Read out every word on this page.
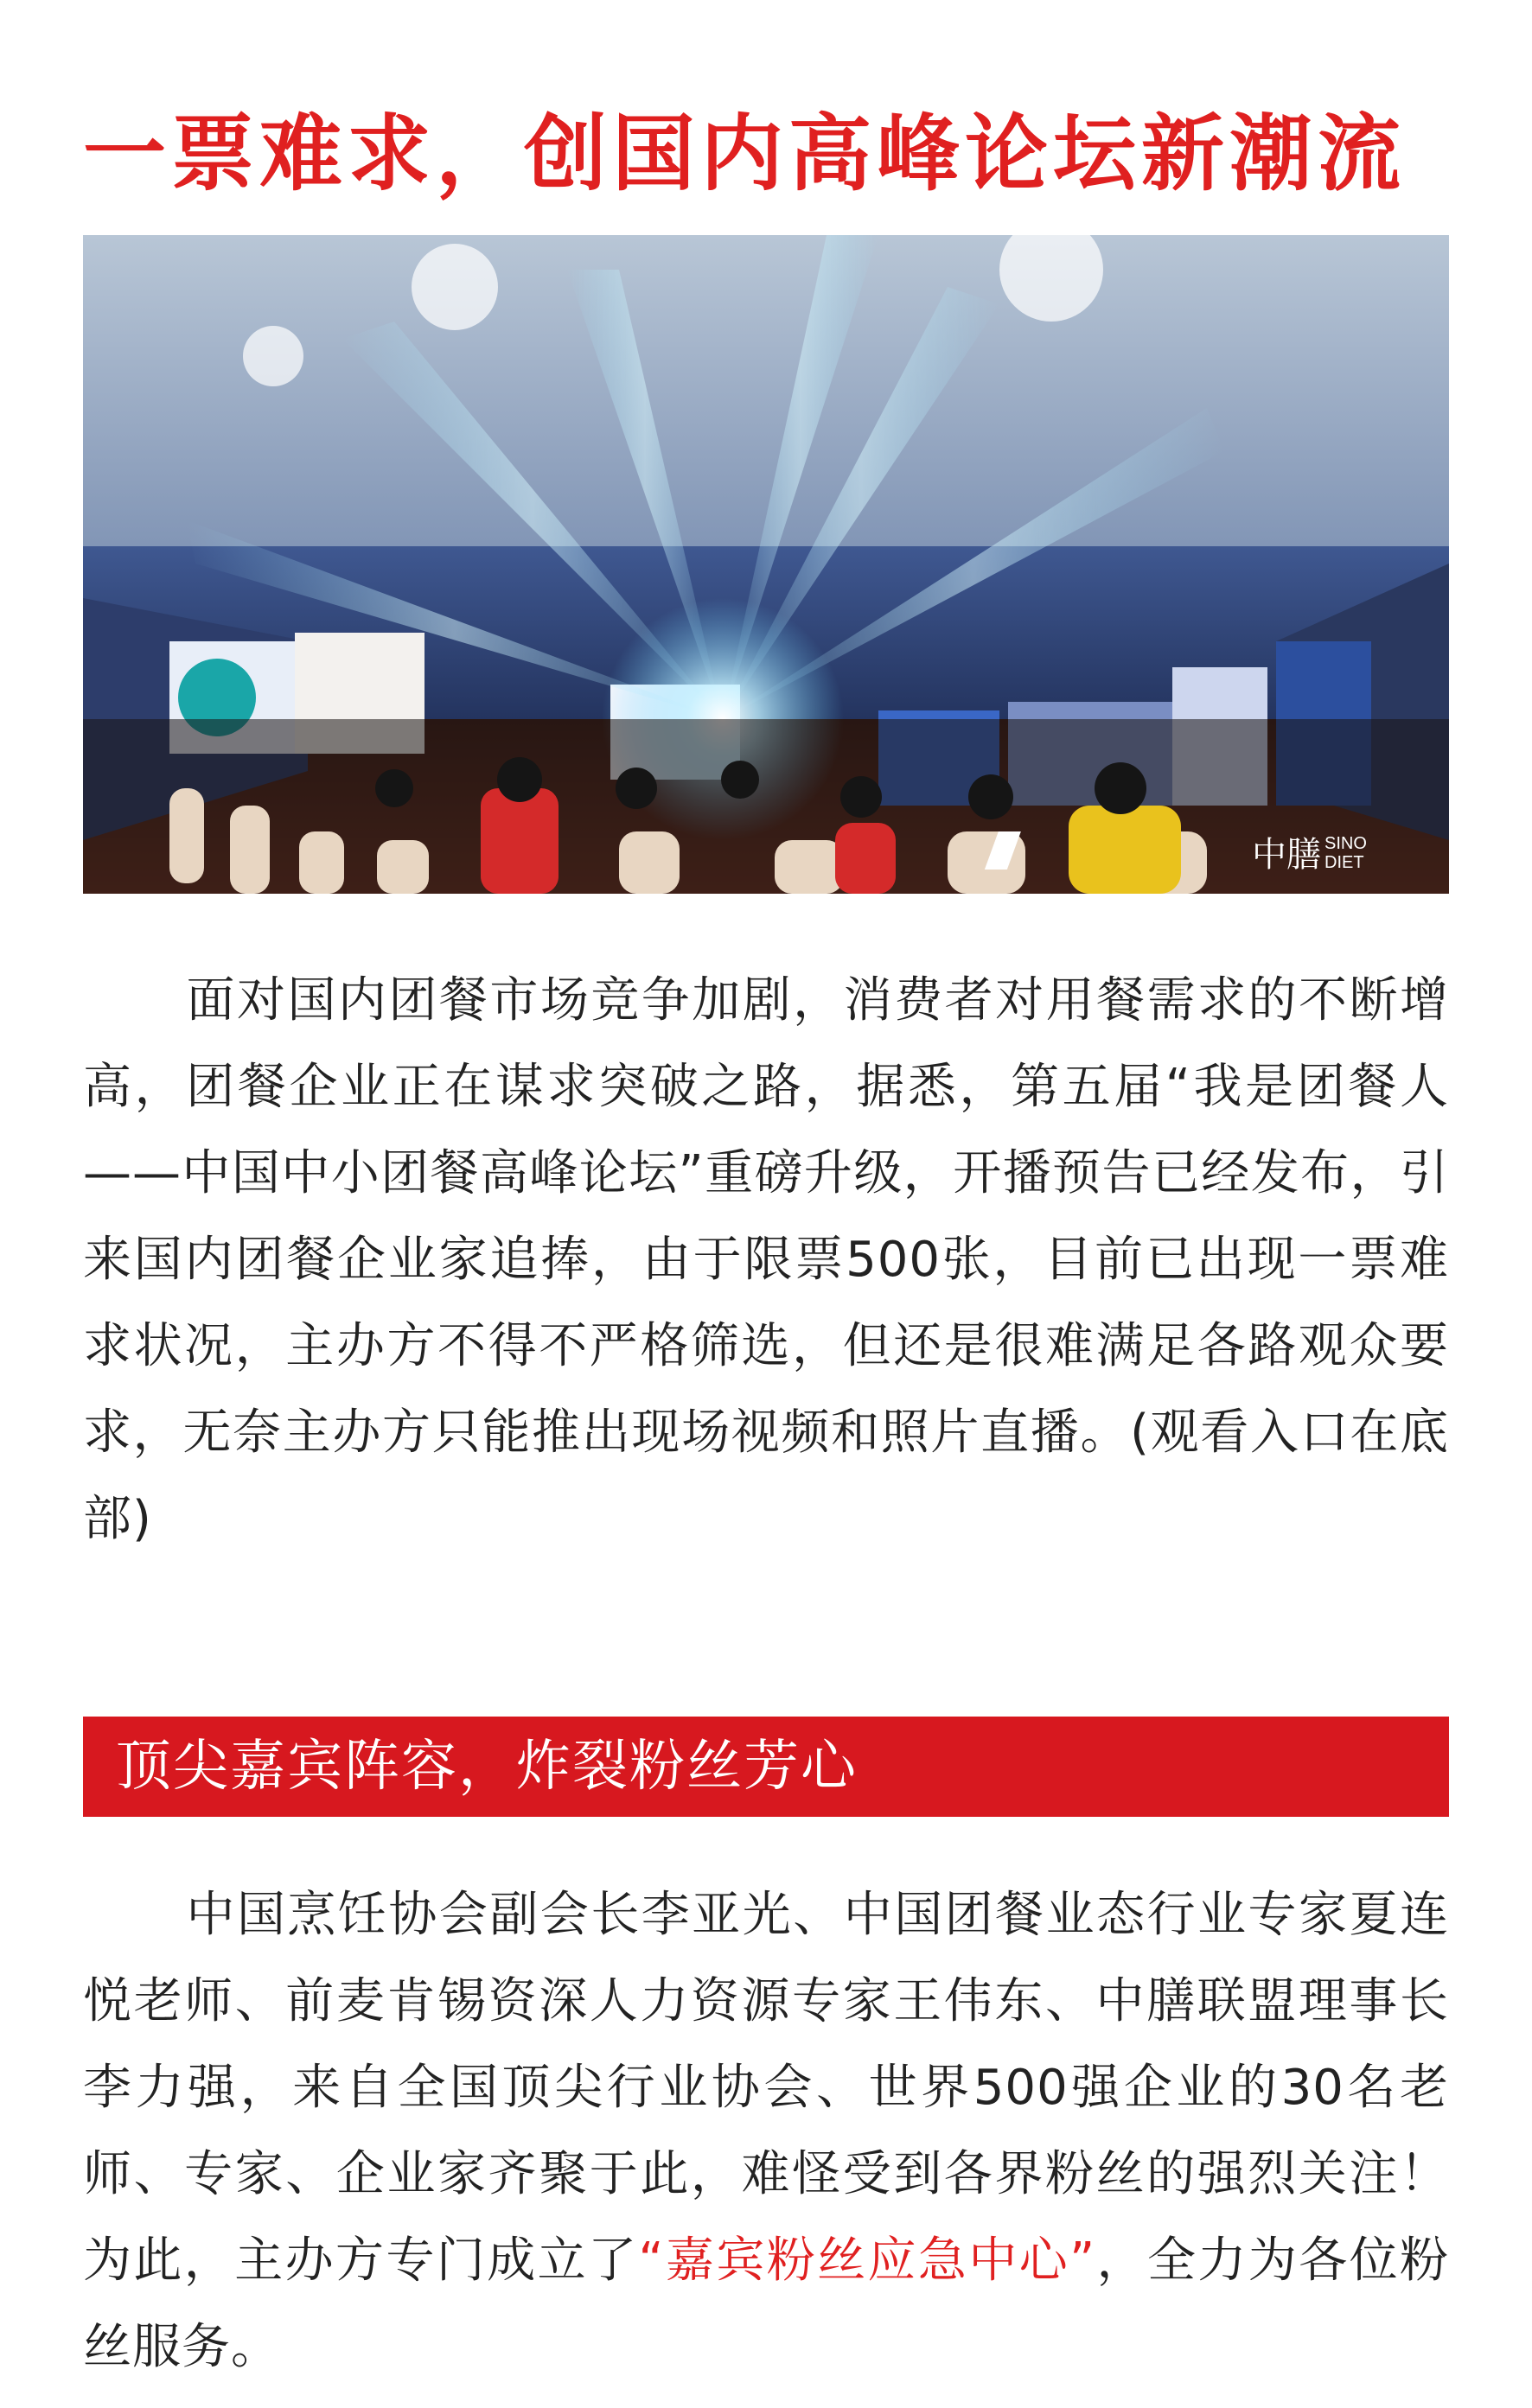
一票难求，创国内高峰论坛新潮流
中膳 SINO
DIET
面对国内团餐市场竞争加剧，消费者对用餐需求的不断增高，团餐企业正在谋求突破之路，据悉，第五届“我是团餐人——中国中小团餐高峰论坛”重磅升级，开播预告已经发布，引来国内团餐企业家追捧，由于限票500张，目前已出现一票难求状况，主办方不得不严格筛选，但还是很难满足各路观众要求，无奈主办方只能推出现场视频和照片直播。(观看入口在底部)
顶尖嘉宾阵容，炸裂粉丝芳心
中国烹饪协会副会长李亚光、中国团餐业态行业专家夏连悦老师、前麦肯锡资深人力资源专家王伟东、中膳联盟理事长李力强，来自全国顶尖行业协会、世界500强企业的30名老师、专家、企业家齐聚于此，难怪受到各界粉丝的强烈关注！为此，主办方专门成立了“嘉宾粉丝应急中心”，全力为各位粉丝服务。
